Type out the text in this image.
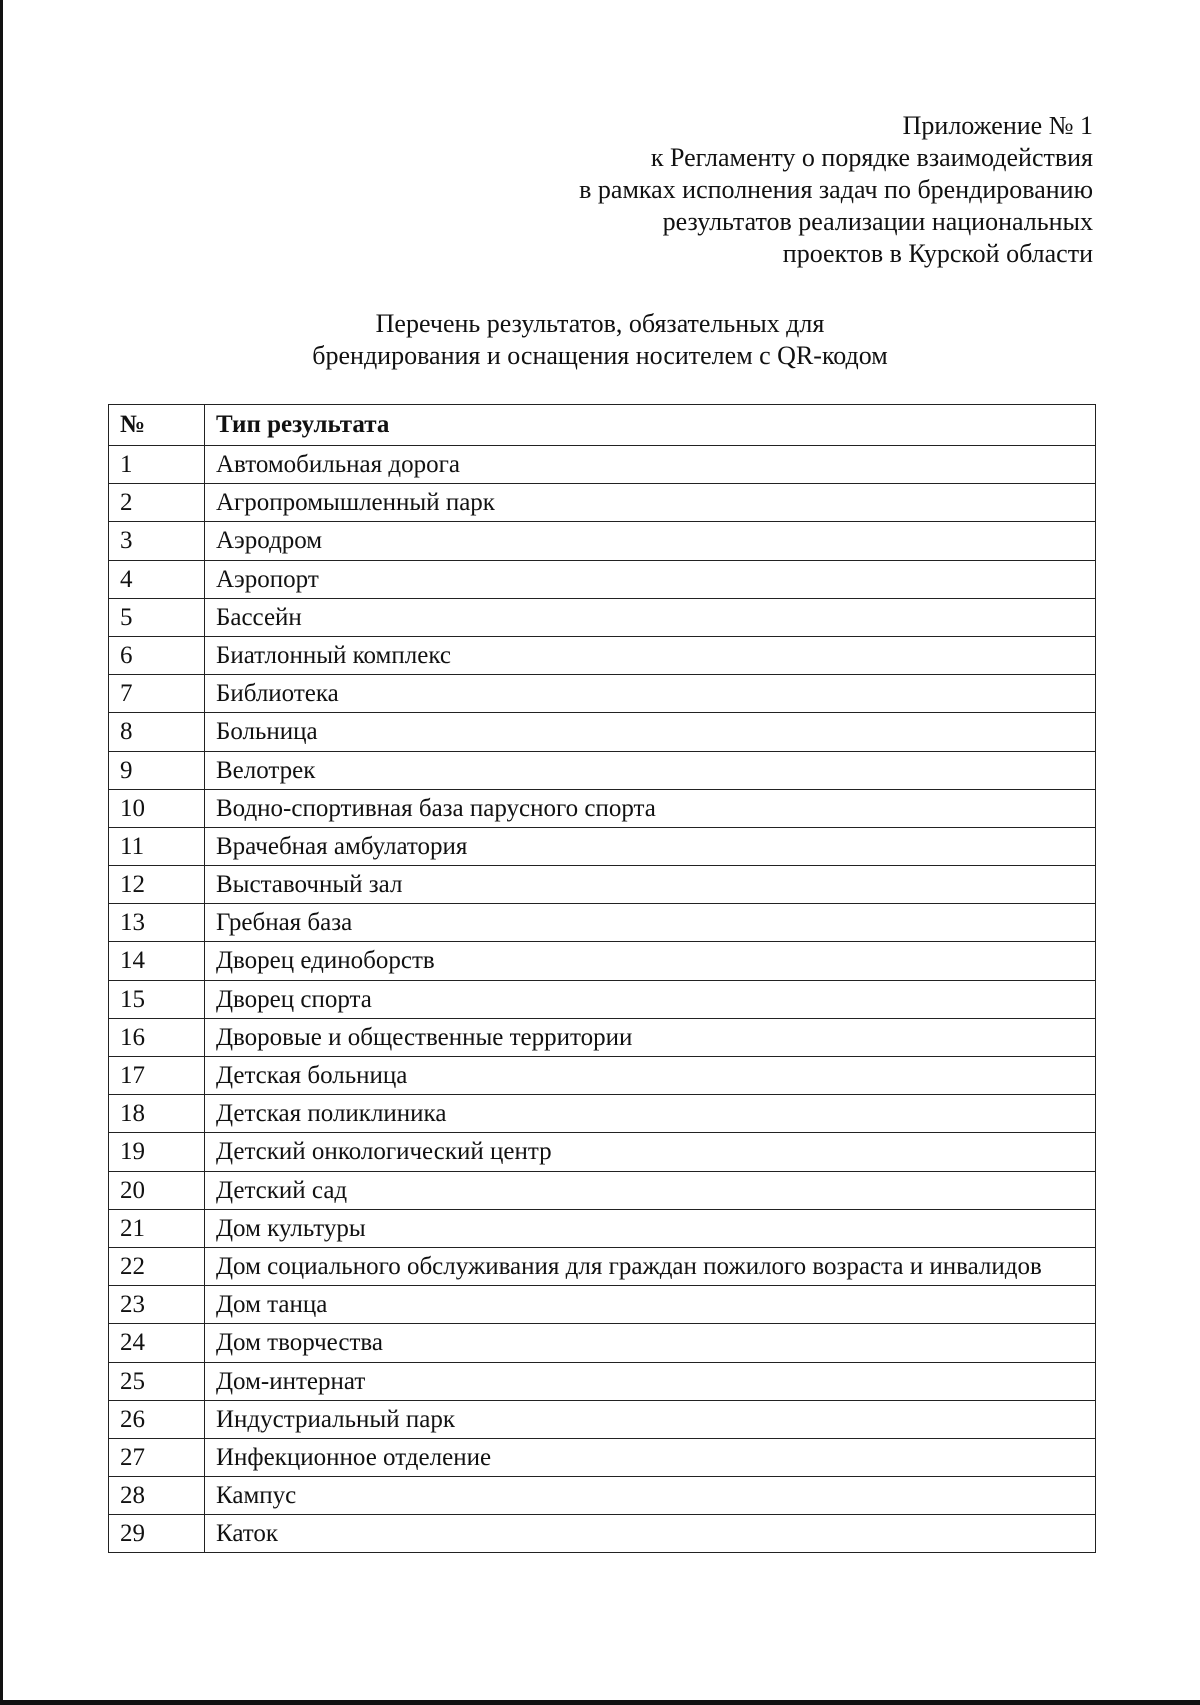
Приложение № 1
к Регламенту о порядке взаимодействия
в рамках исполнения задач по брендированию
результатов реализации национальных
проектов в Курской области
Перечень результатов, обязательных для
брендирования и оснащения носителем с QR-кодом
№	Тип результата
1	Автомобильная дорога
2	Агропромышленный парк
3	Аэродром
4	Аэропорт
5	Бассейн
6	Биатлонный комплекс
7	Библиотека
8	Больница
9	Велотрек
10	Водно-спортивная база парусного спорта
11	Врачебная амбулатория
12	Выставочный зал
13	Гребная база
14	Дворец единоборств
15	Дворец спорта
16	Дворовые и общественные территории
17	Детская больница
18	Детская поликлиника
19	Детский онкологический центр
20	Детский сад
21	Дом культуры
22	Дом социального обслуживания для граждан пожилого возраста и инвалидов
23	Дом танца
24	Дом творчества
25	Дом-интернат
26	Индустриальный парк
27	Инфекционное отделение
28	Кампус
29	Каток
